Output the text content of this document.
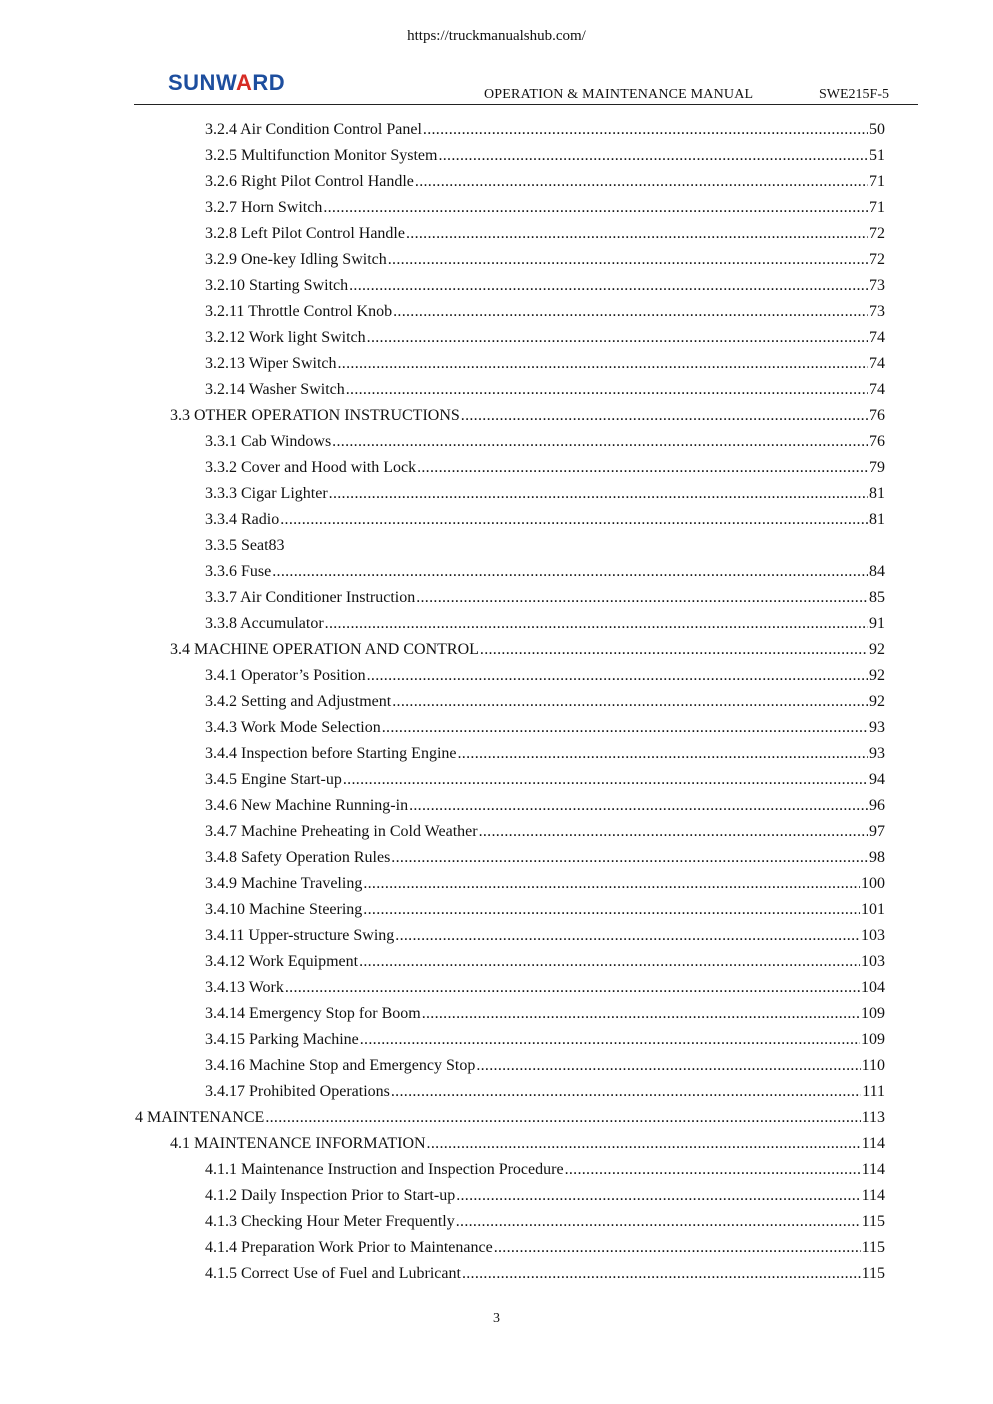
https://truckmanualshub.com/
SUNWARD	OPERATION & MAINTENANCE MANUAL	SWE215F-5
3.2.4 Air Condition Control Panel .....	50
3.2.5 Multifunction Monitor System .....	51
3.2.6 Right Pilot Control Handle .....	71
3.2.7 Horn Switch .....	71
3.2.8 Left Pilot Control Handle .....	72
3.2.9 One-key Idling Switch .....	72
3.2.10 Starting Switch .....	73
3.2.11 Throttle Control Knob .....	73
3.2.12 Work light Switch .....	74
3.2.13 Wiper Switch .....	74
3.2.14 Washer Switch .....	74
3.3 OTHER OPERATION INSTRUCTIONS .....	76
3.3.1 Cab Windows .....	76
3.3.2 Cover and Hood with Lock .....	79
3.3.3 Cigar Lighter .....	81
3.3.4 Radio .....	81
3.3.5 Seat83
3.3.6 Fuse .....	84
3.3.7 Air Conditioner Instruction .....	85
3.3.8 Accumulator .....	91
3.4 MACHINE OPERATION AND CONTROL .....	92
3.4.1 Operator’s Position .....	92
3.4.2 Setting and Adjustment .....	92
3.4.3 Work Mode Selection .....	93
3.4.4 Inspection before Starting Engine .....	93
3.4.5 Engine Start-up .....	94
3.4.6 New Machine Running-in .....	96
3.4.7 Machine Preheating in Cold Weather .....	97
3.4.8 Safety Operation Rules .....	98
3.4.9 Machine Traveling .....	100
3.4.10 Machine Steering .....	101
3.4.11 Upper-structure Swing .....	103
3.4.12 Work Equipment .....	103
3.4.13 Work .....	104
3.4.14 Emergency Stop for Boom .....	109
3.4.15 Parking Machine .....	109
3.4.16 Machine Stop and Emergency Stop .....	110
3.4.17 Prohibited Operations .....	111
4 MAINTENANCE .....	113
4.1 MAINTENANCE INFORMATION .....	114
4.1.1 Maintenance Instruction and Inspection Procedure .....	114
4.1.2 Daily Inspection Prior to Start-up .....	114
4.1.3 Checking Hour Meter Frequently .....	115
4.1.4 Preparation Work Prior to Maintenance .....	115
4.1.5 Correct Use of Fuel and Lubricant .....	115
3
